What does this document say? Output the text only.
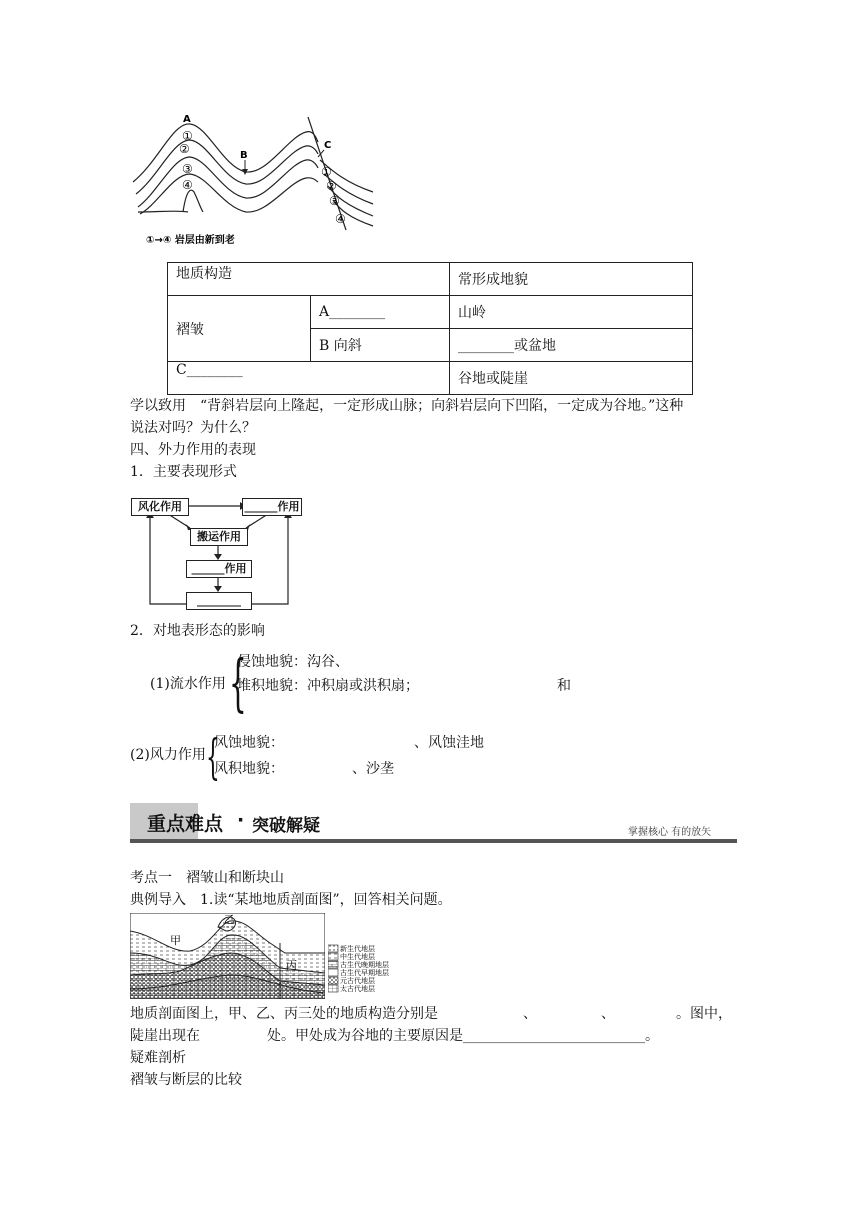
A
B
C
①
②
③
④
①
②
③
④
①→④ 岩层由新到老
地质构造		常形成地貌
褶皱	A________	山岭
	B 向斜	________或盆地
C________		谷地或陡崖
学以致用　“背斜岩层向上隆起，一定形成山脉；向斜岩层向下凹陷，一定成为谷地。”这种
说法对吗？为什么？
四、外力作用的表现
1．主要表现形式
风化作用	______作用
搬运作用
______作用
________
2．对地表形态的影响
(1)流水作用 {
侵蚀地貌：沟谷、
堆积地貌：冲积扇或洪积扇；	和
(2)风力作用 {
风蚀地貌：	、风蚀洼地
风积地貌：	、沙垄
重点难点 · 突破解疑	掌握核心 有的放矢
考点一　褶皱山和断块山
典例导入　1.读“某地地质剖面图”，回答相关问题。
甲
乙
丙
新生代地层
中生代地层
古生代晚期地层
古生代早期地层
元古代地层
太古代地层
地质剖面图上，甲、乙、丙三处的地质构造分别是	、	、	。图中，
陡崖出现在	处。甲处成为谷地的主要原因是__________________________。
疑难剖析
褶皱与断层的比较
